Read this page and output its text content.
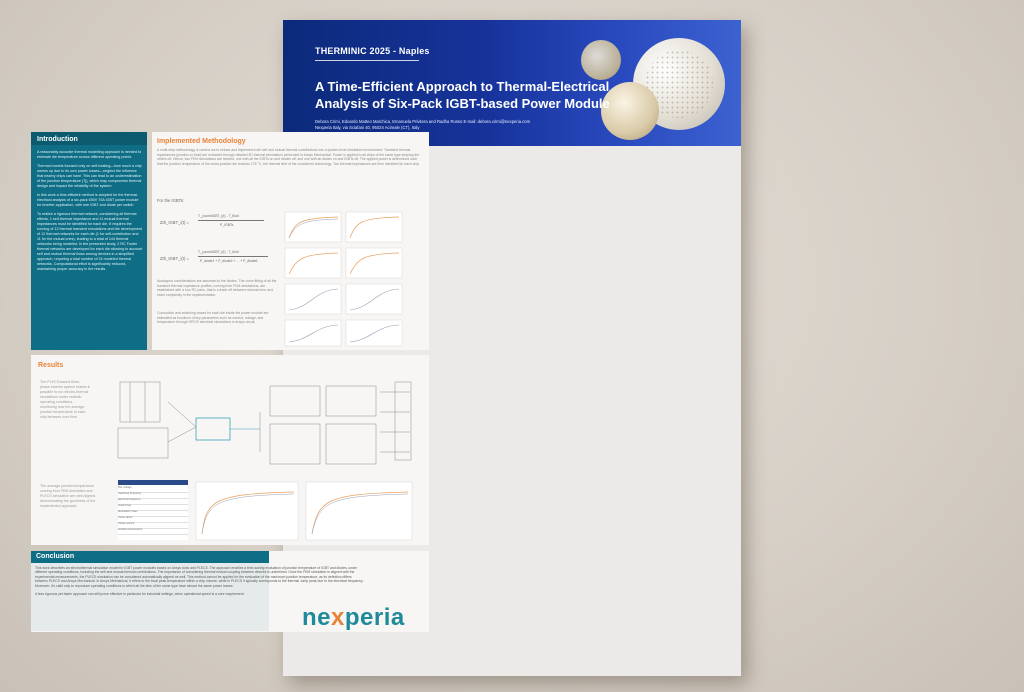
THERMINIC 2025 - Naples
A Time-Efficient Approach to Thermal-Electrical Analysis of Six-Pack IGBT-based Power Module
Debora Crimi, Edoardo Matteo Marchica, Emanuela Privitera and Radha Russo E-mail: debora.crimi@nexperia.com
Nexperia Italy, via Sciafani 40, 95024 Acireale (CT), Italy
Introduction

A reasonably accurate thermal modelling approach is needed to estimate die temperature across different operating points.

Thermal models focused only on self-heating—how much a chip warms up due to its own power losses—neglect the influence that nearby chips can have. This can lead to an underestimation of the junction temperature (Tj), which may compromise thermal design and impact the reliability of the system

In this work a time-efficient method is adopted for the thermal-electrical analysis of a six-pack 650V 75A IGBT power module for inverter application, with one IGBT and diode per switch

To realize a rigorous thermal network, considering all thermal effects, 1 self-thermal impedance and 11 mutual thermal impedances must be identified for each die. It requires the running of 12 thermal transient simulations and the development of 12 thermal networks for each die (1 for self-contribution and 11 for the mutual ones), leading to a total of 144 thermal networks being modeled. In the presented study, 2 RC Foster thermal networks are developed for each die allowing to account self and mutual thermal flows among devices in a simplified approach, requiring a total number of 24 modeled thermal networks. Computational effort is significantly reduced, maintaining proper accuracy in the results.

Implemented Methodology
A multi-step methodology is carried out to extract and implement both self and mutual thermal contributions into a system-level simulation environment. Transient thermal impedances (junction-to-fluid) are extracted through detailed 3D thermal simulations performed in Ansys Mechanical. Power is applied to all chips of the same type keeping the others off. Hence, two FEM simulations are needed, one with all the IGBTs on and diodes off, and one with all diodes on and IGBTs off. The applied power is determined such that the junction temperature of the worst-position die reaches 175 °C, the thermal limit of the considered technology. Two thermal impedances are then identified for each chip.
For the IGBTs:
Zth_IGBT_i(t) =
T_j,worstIGBT_i(t) - T_fluid
P_IGBTs
Zth_IGBT_i(t) =
T_j,worstIGBT_i(t) - T_fluid
P_diode1 + P_diode2 + ... + P_diode6
Analogous considerations are assumed to the diodes. The curve fitting of all the transient thermal impedance profiles, coming from FEM simulations, are established with a four RC pairs, that is a trade off between minimal error and lower complexity in the implementation.
Conduction and switching losses for each die inside the power module are estimated as functions of key parameters such as current, voltage, and temperature through SPICE electrical simulations in Ansys circuit.
Results
The PLECS-based three-phase inverter system makes it possible to run electro-thermal simulations under realistic operating conditions, monitoring how the average junction temperature of each chip behaves over time.
The average junction temperature coming from FEM simulation and PLECS simulation are well aligned, demonstrating the goodness of the implemented approach.
Bus voltage
Switching frequency
Electrical frequency
Output freq
Modulation index
Power factor
Phase current
Ambient temperature
Conclusion
This work describes an electrothermal simulation model for IGBT power modules based on Ansys tools and PLECS. The approach enables a time-saving evaluation of junction temperature of IGBT and diodes, under different operating conditions, including the self and mutual thermal contributions. The importance of considering thermal mutual coupling between devices is underlined. Once the FEM simulation is aligned with the experimental measurements, the PLECS simulation can be considered automatically aligned as well. This method cannot be applied for the evaluation of the maximum junction temperature, as its definition differs between PLECS and Ansys Mechanical. In Ansys Mechanical, it refers to the local peak temperature within a chip volume, while in PLECS it typically corresponds to the thermal Jump peak due to the electrical frequency. Moreover, it's valid only to reproduce operating conditions in which all the dies of the same type have almost the same power losses.
A less rigorous yet faster approach can still prove effective in particular for industrial settings, when operational speed is a core requirement.
nexperia
